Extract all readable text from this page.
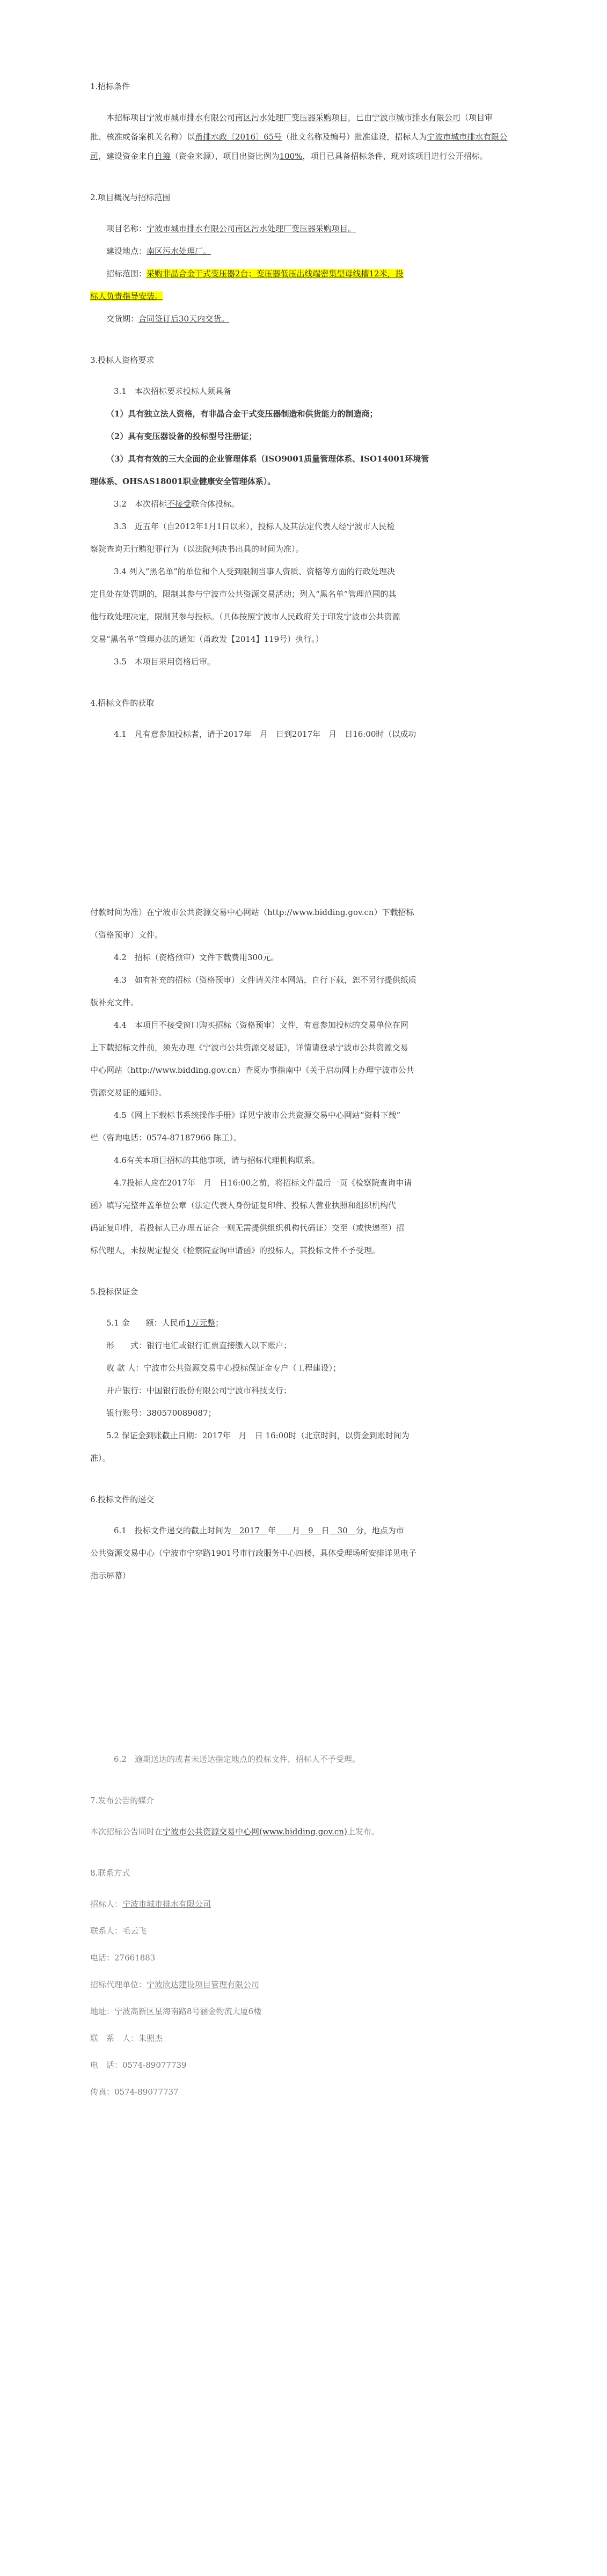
1.招标条件
本招标项目宁波市城市排水有限公司南区污水处理厂变压器采购项目，已由宁波市城市排水有限公司（项目审批、核准或备案机关名称）以甬排水政〔2016〕65号（批文名称及编号）批准建设，招标人为宁波市城市排水有限公司，建设资金来自自筹（资金来源），项目出资比例为100%，项目已具备招标条件，现对该项目进行公开招标。
2.项目概况与招标范围
项目名称：宁波市城市排水有限公司南区污水处理厂变压器采购项目。
建设地点：南区污水处理厂。
招标范围：采购非晶合金干式变压器2台；变压器低压出线端密集型母线槽12米，投
标人负责指导安装。
交货期：合同签订后30天内交货。
3.投标人资格要求
3.1　本次招标要求投标人须具备
（1）具有独立法人资格，有非晶合金干式变压器制造和供货能力的制造商；
（2）具有变压器设备的投标型号注册证；
（3）具有有效的三大全面的企业管理体系（ISO9001质量管理体系、ISO14001环境管
理体系、OHSAS18001职业健康安全管理体系）。
3.2　本次招标不接受联合体投标。
3.3　近五年（自2012年1月1日以来），投标人及其法定代表人经宁波市人民检
察院查询无行贿犯罪行为（以法院判决书出具的时间为准）。
3.4 列入“黑名单”的单位和个人受到限制当事人资质、资格等方面的行政处理决
定且处在处罚期的，限制其参与宁波市公共资源交易活动；列入“黑名单”管理范围的其
他行政处理决定，限制其参与投标。（具体按照宁波市人民政府关于印发宁波市公共资源
交易“黑名单”管理办法的通知（甬政发【2014】119号）执行。）
3.5　本项目采用资格后审。
4.招标文件的获取
4.1　凡有意参加投标者，请于2017年　月　日到2017年　月　日16:00时（以成功
付款时间为准）在宁波市公共资源交易中心网站（http://www.bidding.gov.cn）下载招标
（资格预审）文件。
4.2　招标（资格预审）文件下载费用300元。
4.3　如有补充的招标（资格预审）文件请关注本网站，自行下载，恕不另行提供纸质
版补充文件。
4.4　本项目不接受窗口购买招标（资格预审）文件，有意参加投标的交易单位在网
上下载招标文件前，须先办理《宁波市公共资源交易证》，详情请登录宁波市公共资源交易
中心网站（http://www.bidding.gov.cn）查阅办事指南中《关于启动网上办理宁波市公共
资源交易证的通知》。
4.5《网上下载标书系统操作手册》详见宁波市公共资源交易中心网站“资料下载”
栏（咨询电话：0574-87187966 陈工）。
4.6有关本项目招标的其他事项，请与招标代理机构联系。
4.7投标人应在2017年　月　日16:00之前，将招标文件最后一页《检察院查询申请
函》填写完整并盖单位公章（法定代表人身份证复印件、投标人营业执照和组织机构代
码证复印件，若投标人已办理五证合一则无需提供组织机构代码证）交至（或快递至）招
标代理人，未按规定提交《检察院查询申请函》的投标人，其投标文件不予受理。
5.投标保证金
5.1 金　　额：人民币1万元整；
形　　式：银行电汇或银行汇票直接缴入以下账户；
收 款 人：宁波市公共资源交易中心投标保证金专户（工程建设）；
开户银行：中国银行股份有限公司宁波市科技支行；
银行账号：380570089087；
5.2 保证金到账截止日期：2017年　月　日 16:00时（北京时间，以资金到账时间为
准）。
6.投标文件的递交
6.1　投标文件递交的截止时间为　2017　年　　 月　9　日　30　分，地点为市
公共资源交易中心（宁波市宁穿路1901号市行政服务中心四楼，具体受理场所安排详见电子
指示屏幕）
6.2　逾期送达的或者未送达指定地点的投标文件，招标人不予受理。
7.发布公告的媒介
本次招标公告同时在宁波市公共资源交易中心网(www.bidding.gov.cn)上发布。
8.联系方式
招标人：宁波市城市排水有限公司
联系人：毛云飞
电话：27661883
招标代理单位：宁波欣达建设项目管理有限公司
地址：宁波高新区星海南路8号涵金物流大厦6楼
联　系　人：朱照杰
电　话：0574-89077739
传真：0574-89077737
